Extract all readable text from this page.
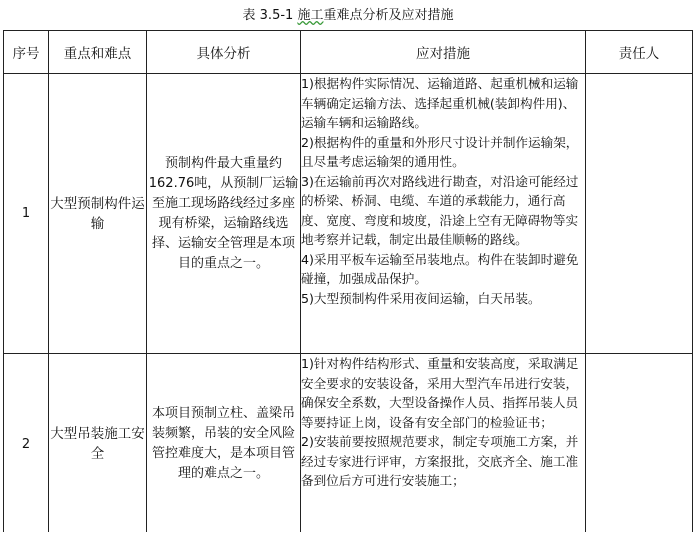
表 3.5-1 施工重难点分析及应对措施
序号	重点和难点	具体分析	应对措施	责任人
1	大型预制构件运输	预制构件最大重量约162.76吨，从预制厂运输至施工现场路线经过多座现有桥梁，运输路线选择、运输安全管理是本项目的重点之一。	1)根据构件实际情况、运输道路、起重机械和运输车辆确定运输方法、选择起重机械(装卸构件用)、运输车辆和运输路线。

2)根据构件的重量和外形尺寸设计并制作运输架，且尽量考虑运输架的通用性。

3)在运输前再次对路线进行勘查，对沿途可能经过的桥梁、桥洞、电缆、车道的承载能力，通行高度、宽度、弯度和坡度，沿途上空有无障碍物等实地考察并记载，制定出最佳顺畅的路线。

4)采用平板车运输至吊装地点。构件在装卸时避免碰撞，加强成品保护。

5)大型预制构件采用夜间运输，白天吊装。	

2	大型吊装施工安全	本项目预制立柱、盖梁吊装频繁，吊装的安全风险管控难度大，是本项目管理的难点之一。	1)针对构件结构形式、重量和安装高度，采取满足安全要求的安装设备，采用大型汽车吊进行安装，确保安全系数，大型设备操作人员、指挥吊装人员等要持证上岗，设备有安全部门的检验证书；

2)安装前要按照规范要求，制定专项施工方案，并经过专家进行评审，方案报批，交底齐全、施工准备到位后方可进行安装施工；	
